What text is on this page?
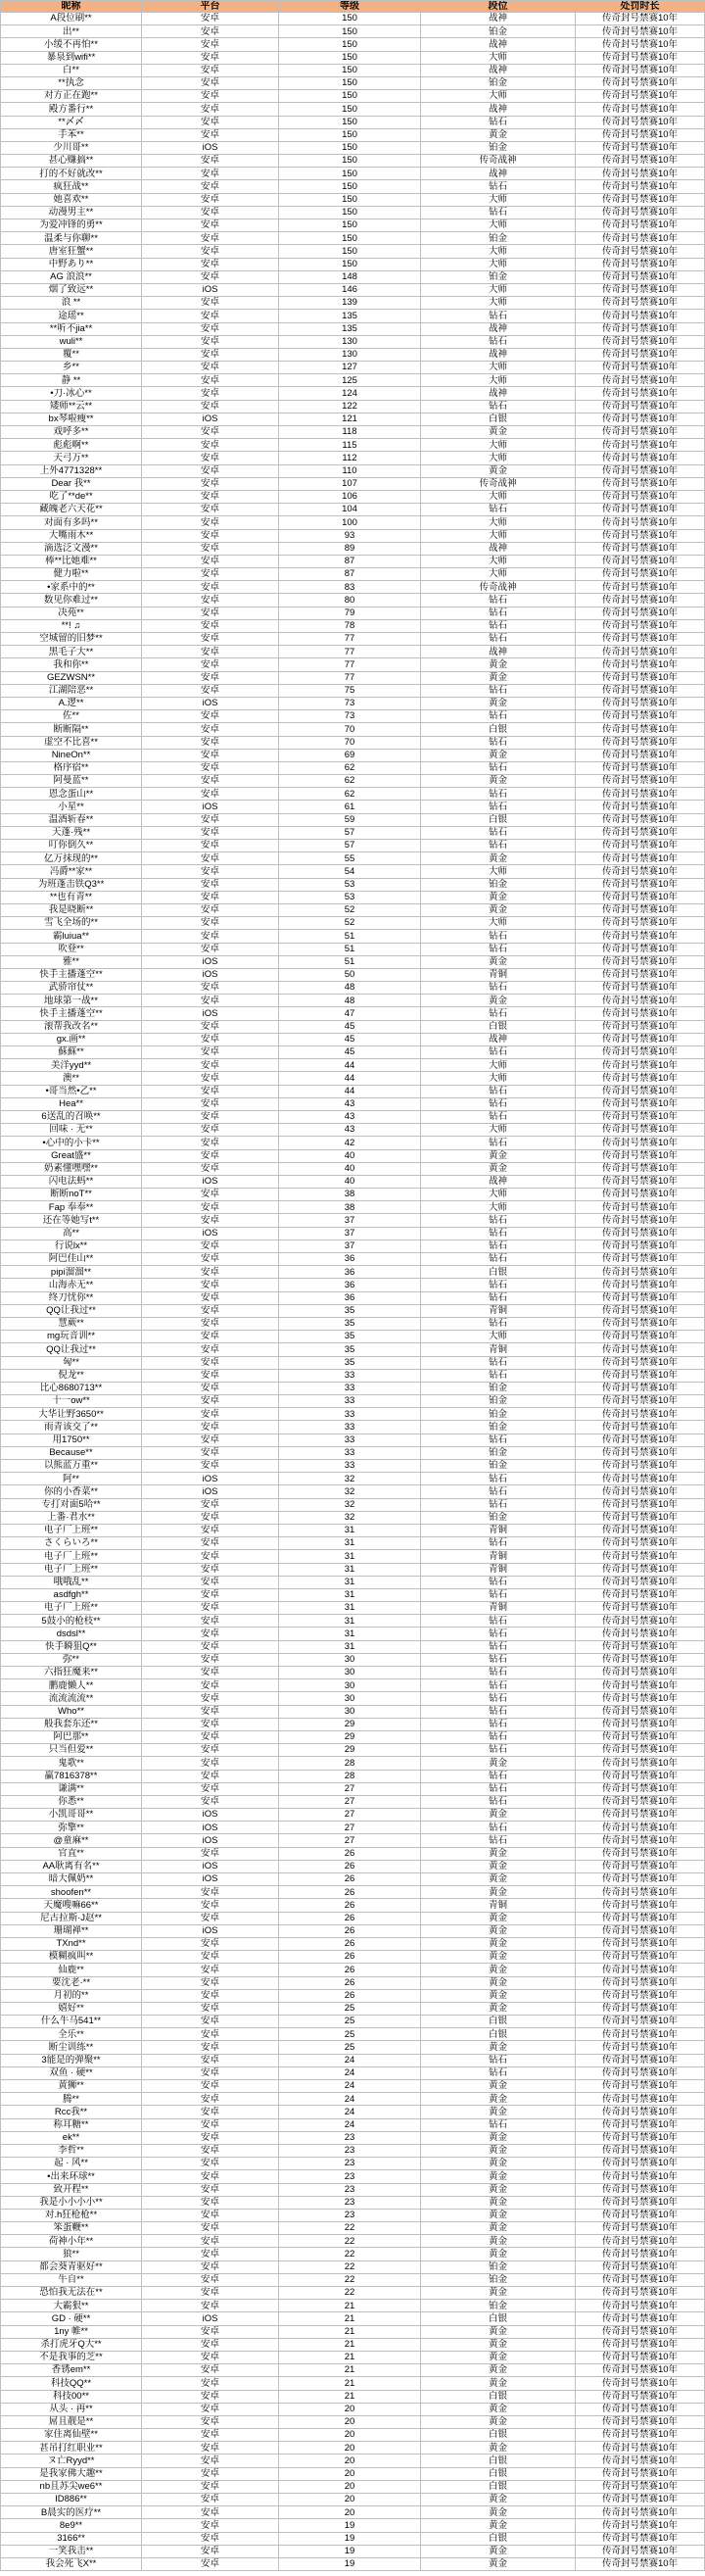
昵称	平台	等级	段位	处罚时长
A段位刷**	安卓	150	战神	传奇封号禁赛10年
出**	安卓	150	铂金	传奇封号禁赛10年
小缓不再怕**	安卓	150	战神	传奇封号禁赛10年
暴泉到wifi**	安卓	150	大师	传奇封号禁赛10年
白**	安卓	150	战神	传奇封号禁赛10年
**执念	安卓	150	铂金	传奇封号禁赛10年
对方正在跑**	安卓	150	大师	传奇封号禁赛10年
殿方番行**	安卓	150	战神	传奇封号禁赛10年
**〆〆	安卓	150	钻石	传奇封号禁赛10年
手苯**	安卓	150	黄金	传奇封号禁赛10年
少川哥**	iOS	150	铂金	传奇封号禁赛10年
甚心赚搞**	安卓	150	传奇战神	传奇封号禁赛10年
打的不好就改**	安卓	150	战神	传奇封号禁赛10年
疯狂战**	安卓	150	钻石	传奇封号禁赛10年
她喜欢**	安卓	150	大师	传奇封号禁赛10年
动漫男主**	安卓	150	钻石	传奇封号禁赛10年
为爱冲锋的勇**	安卓	150	大师	传奇封号禁赛10年
温柔与你聊**	安卓	150	铂金	传奇封号禁赛10年
唐室狂蟹**	安卓	150	大师	传奇封号禁赛10年
中野あり**	安卓	150	大师	传奇封号禁赛10年
AG 浪浪**	安卓	148	铂金	传奇封号禁赛10年
烟了致远**	iOS	146	大师	传奇封号禁赛10年
浪 **	安卓	139	大师	传奇封号禁赛10年
途瑶**	安卓	135	钻石	传奇封号禁赛10年
**听不jia**	安卓	135	战神	传奇封号禁赛10年
wuli**	安卓	130	钻石	传奇封号禁赛10年
覆**	安卓	130	战神	传奇封号禁赛10年
乡**	安卓	127	大师	传奇封号禁赛10年
静 **	安卓	125	大师	传奇封号禁赛10年
•刀·冰心**	安卓	124	战神	传奇封号禁赛10年
矮师**云**	安卓	122	钻石	传奇封号禁赛10年
bx琴啦瘦**	iOS	121	白银	传奇封号禁赛10年
戏呼多**	安卓	118	黄金	传奇封号禁赛10年
彪彪啊**	安卓	115	大师	传奇封号禁赛10年
天弓万**	安卓	112	大师	传奇封号禁赛10年
上外4771328**	安卓	110	黄金	传奇封号禁赛10年
Dear 我**	安卓	107	传奇战神	传奇封号禁赛10年
吃了**de**	安卓	106	大师	传奇封号禁赛10年
藏魄老六天花**	安卓	104	钻石	传奇封号禁赛10年
对面有多吗**	安卓	100	大师	传奇封号禁赛10年
大嘴雨木**	安卓	93	大师	传奇封号禁赛10年
滴选泛文漫**	安卓	89	战神	传奇封号禁赛10年
棒**比她难**	安卓	87	大师	传奇封号禁赛10年
健力啦**	安卓	87	大师	传奇封号禁赛10年
•家系中的**	安卓	83	传奇战神	传奇封号禁赛10年
数见你难过**	安卓	80	钻石	传奇封号禁赛10年
决苑**	安卓	79	钻石	传奇封号禁赛10年
**! ♫	安卓	78	钻石	传奇封号禁赛10年
空城留的旧梦**	安卓	77	钻石	传奇封号禁赛10年
黑毛子大**	安卓	77	战神	传奇封号禁赛10年
我和你**	安卓	77	黄金	传奇封号禁赛10年
GEZWSN**	安卓	77	黄金	传奇封号禁赛10年
江湖陪恶**	安卓	75	钻石	传奇封号禁赛10年
A.逻**	iOS	73	黄金	传奇封号禁赛10年
佐**	安卓	73	钻石	传奇封号禁赛10年
断断隔**	安卓	70	白银	传奇封号禁赛10年
虚空不比喜**	安卓	70	钻石	传奇封号禁赛10年
NineOn**	安卓	69	黄金	传奇封号禁赛10年
格序宿**	安卓	62	钻石	传奇封号禁赛10年
阿曼蓝**	安卓	62	黄金	传奇封号禁赛10年
恩念蛋山**	安卓	62	钻石	传奇封号禁赛10年
小星**	iOS	61	钻石	传奇封号禁赛10年
温酒斩春**	安卓	59	白银	传奇封号禁赛10年
天蓬·残**	安卓	57	钻石	传奇封号禁赛10年
叮你倒久**	安卓	57	钻石	传奇封号禁赛10年
亿万抹现的**	安卓	55	黄金	传奇封号禁赛10年
冯爵**家**	安卓	54	大师	传奇封号禁赛10年
为班蓬击铁Q3**	安卓	53	铂金	传奇封号禁赛10年
**也有青**	安卓	53	黄金	传奇封号禁赛10年
我是晓断**	安卓	52	黄金	传奇封号禁赛10年
雪飞全场的**	安卓	52	大师	传奇封号禁赛10年
霸luiua**	安卓	51	钻石	传奇封号禁赛10年
吹登**	安卓	51	钻石	传奇封号禁赛10年
雅**	iOS	51	黄金	传奇封号禁赛10年
快手主播蓬空**	iOS	50	青铜	传奇封号禁赛10年
武骄帘仗**	安卓	48	钻石	传奇封号禁赛10年
地球第一战**	安卓	48	黄金	传奇封号禁赛10年
快手主播蓬空**	iOS	47	钻石	传奇封号禁赛10年
滚帮我改名**	安卓	45	白银	传奇封号禁赛10年
gx.画**	安卓	45	战神	传奇封号禁赛10年
蘇蘇**	安卓	45	钻石	传奇封号禁赛10年
美洋yyd**	安卓	44	大师	传奇封号禁赛10年
澳**	安卓	44	大师	传奇封号禁赛10年
•哥当然•乙**	安卓	44	钻石	传奇封号禁赛10年
Hea**	安卓	43	钻石	传奇封号禁赛10年
6送乱的召唤**	安卓	43	钻石	传奇封号禁赛10年
回味 · 无**	安卓	43	大师	传奇封号禁赛10年
•心中的小卡**	安卓	42	钻石	传奇封号禁赛10年
Great盛**	安卓	40	黄金	传奇封号禁赛10年
奶素懂嘿嘿**	安卓	40	黄金	传奇封号禁赛10年
闪电法蚂**	iOS	40	战神	传奇封号禁赛10年
断断noT**	安卓	38	大师	传奇封号禁赛10年
Fap 奉奉**	安卓	38	大师	传奇封号禁赛10年
还在等她写t**	安卓	37	钻石	传奇封号禁赛10年
高**	iOS	37	钻石	传奇封号禁赛10年
行说lx**	安卓	37	钻石	传奇封号禁赛10年
阿巴佳山**	安卓	36	钻石	传奇封号禁赛10年
pipi溜溜**	安卓	36	白银	传奇封号禁赛10年
山海赤无**	安卓	36	钻石	传奇封号禁赛10年
终刀忧你**	安卓	36	钻石	传奇封号禁赛10年
QQ让我过**	安卓	35	青铜	传奇封号禁赛10年
慧蕨**	安卓	35	钻石	传奇封号禁赛10年
mg玩音训**	安卓	35	大师	传奇封号禁赛10年
QQ让我过**	安卓	35	青铜	传奇封号禁赛10年
匈**	安卓	35	钻石	传奇封号禁赛10年
倪龙**	安卓	33	钻石	传奇封号禁赛10年
比心8680713**	安卓	33	铂金	传奇封号禁赛10年
十一ow**	安卓	33	铂金	传奇封号禁赛10年
大华让野3650**	安卓	33	铂金	传奇封号禁赛10年
雨青该交了**	安卓	33	铂金	传奇封号禁赛10年
用1750**	安卓	33	钻石	传奇封号禁赛10年
Because**	安卓	33	铂金	传奇封号禁赛10年
以熊蓝万重**	安卓	33	铂金	传奇封号禁赛10年
阿**	iOS	32	钻石	传奇封号禁赛10年
你的小香菜**	iOS	32	钻石	传奇封号禁赛10年
专打对面5哈**	安卓	32	钻石	传奇封号禁赛10年
上番·君水**	安卓	32	铂金	传奇封号禁赛10年
电子厂上班**	安卓	31	青铜	传奇封号禁赛10年
さくらいろ**	安卓	31	钻石	传奇封号禁赛10年
电子厂上班**	安卓	31	青铜	传奇封号禁赛10年
电子厂上班**	安卓	31	青铜	传奇封号禁赛10年
哦哦乱**	安卓	31	钻石	传奇封号禁赛10年
asdfgh**	安卓	31	钻石	传奇封号禁赛10年
电子厂上班**	安卓	31	青铜	传奇封号禁赛10年
5鼓小的枪枝**	安卓	31	钻石	传奇封号禁赛10年
dsdsl**	安卓	31	钻石	传奇封号禁赛10年
快手瞬狙Q**	安卓	31	钻石	传奇封号禁赛10年
弥**	安卓	30	钻石	传奇封号禁赛10年
六指狂魔来**	安卓	30	钻石	传奇封号禁赛10年
鹏鹿懒人**	安卓	30	钻石	传奇封号禁赛10年
流流流流**	安卓	30	钻石	传奇封号禁赛10年
Who**	安卓	30	钻石	传奇封号禁赛10年
般我套东还**	安卓	29	钻石	传奇封号禁赛10年
阿巴那**	安卓	29	钻石	传奇封号禁赛10年
只当但爱**	安卓	29	钻石	传奇封号禁赛10年
鬼歌**	安卓	28	黄金	传奇封号禁赛10年
赢7816378**	安卓	28	钻石	传奇封号禁赛10年
谦满**	安卓	27	钻石	传奇封号禁赛10年
你悉**	安卓	27	钻石	传奇封号禁赛10年
小凯哥哥**	iOS	27	黄金	传奇封号禁赛10年
弥擎**	iOS	27	钻石	传奇封号禁赛10年
@童麻**	iOS	27	钻石	传奇封号禁赛10年
官直**	安卓	26	黄金	传奇封号禁赛10年
AA耿离有名**	iOS	26	黄金	传奇封号禁赛10年
暗大佩奶**	iOS	26	黄金	传奇封号禁赛10年
shoofen**	安卓	26	黄金	传奇封号禁赛10年
天魔嗖嘛66**	安卓	26	青铜	传奇封号禁赛10年
尼古拉斯·J赵**	安卓	26	黄金	传奇封号禁赛10年
珊瑚禅**	iOS	26	黄金	传奇封号禁赛10年
TXnd**	安卓	26	黄金	传奇封号禁赛10年
模糊疯叫**	安卓	26	黄金	传奇封号禁赛10年
仙鹿**	安卓	26	黄金	传奇封号禁赛10年
要沈老·**	安卓	26	黄金	传奇封号禁赛10年
月初的**	安卓	26	黄金	传奇封号禁赛10年
嬉好**	安卓	25	黄金	传奇封号禁赛10年
什么牛马541**	安卓	25	白银	传奇封号禁赛10年
全乐**	安卓	25	白银	传奇封号禁赛10年
断尘训练**	安卓	25	黄金	传奇封号禁赛10年
3能是的弹聚**	安卓	24	钻石	传奇封号禁赛10年
双鱼 · 硬**	安卓	24	钻石	传奇封号禁赛10年
黄狮**	安卓	24	黄金	传奇封号禁赛10年
腾**	安卓	24	黄金	传奇封号禁赛10年
Rcc我**	安卓	24	黄金	传奇封号禁赛10年
称耳糖**	安卓	24	钻石	传奇封号禁赛10年
ek**	安卓	23	黄金	传奇封号禁赛10年
李哲**	安卓	23	黄金	传奇封号禁赛10年
起 · 风**	安卓	23	黄金	传奇封号禁赛10年
•出来环球**	安卓	23	黄金	传奇封号禁赛10年
致开程**	安卓	23	黄金	传奇封号禁赛10年
我是小小小小**	安卓	23	黄金	传奇封号禁赛10年
对.h狂枪枪**	安卓	23	黄金	传奇封号禁赛10年
笨蛋鞭**	安卓	22	黄金	传奇封号禁赛10年
荷神小年**	安卓	22	黄金	传奇封号禁赛10年
狼**	安卓	22	黄金	传奇封号禁赛10年
都会葵青驱好**	安卓	22	铂金	传奇封号禁赛10年
牛自**	安卓	22	铂金	传奇封号禁赛10年
恐怕我无法在**	安卓	22	黄金	传奇封号禁赛10年
大霸狠**	安卓	21	铂金	传奇封号禁赛10年
GD · 硬**	iOS	21	白银	传奇封号禁赛10年
1ny 帷**	安卓	21	黄金	传奇封号禁赛10年
杀打虎牙Q大**	安卓	21	黄金	传奇封号禁赛10年
不是我事的芝**	安卓	21	黄金	传奇封号禁赛10年
香锈em**	安卓	21	黄金	传奇封号禁赛10年
科技QQ**	安卓	21	黄金	传奇封号禁赛10年
科技00**	安卓	21	白银	传奇封号禁赛10年
从头 · 再**	安卓	20	黄金	传奇封号禁赛10年
屌且靓是**	安卓	20	黄金	传奇封号禁赛10年
家住离仙壁**	安卓	20	白银	传奇封号禁赛10年
甚吊打红职业**	安卓	20	黄金	传奇封号禁赛10年
ヌ亡Ryyd**	安卓	20	白银	传奇封号禁赛10年
是我家佛大趣**	安卓	20	白银	传奇封号禁赛10年
nb且苏尖we6**	安卓	20	白银	传奇封号禁赛10年
ID886**	安卓	20	黄金	传奇封号禁赛10年
B晨实的医疗**	安卓	20	黄金	传奇封号禁赛10年
8e9**	安卓	19	黄金	传奇封号禁赛10年
3166**	安卓	19	白银	传奇封号禁赛10年
一笑我击**	安卓	19	黄金	传奇封号禁赛10年
我会死飞X**	安卓	19	黄金	传奇封号禁赛10年
